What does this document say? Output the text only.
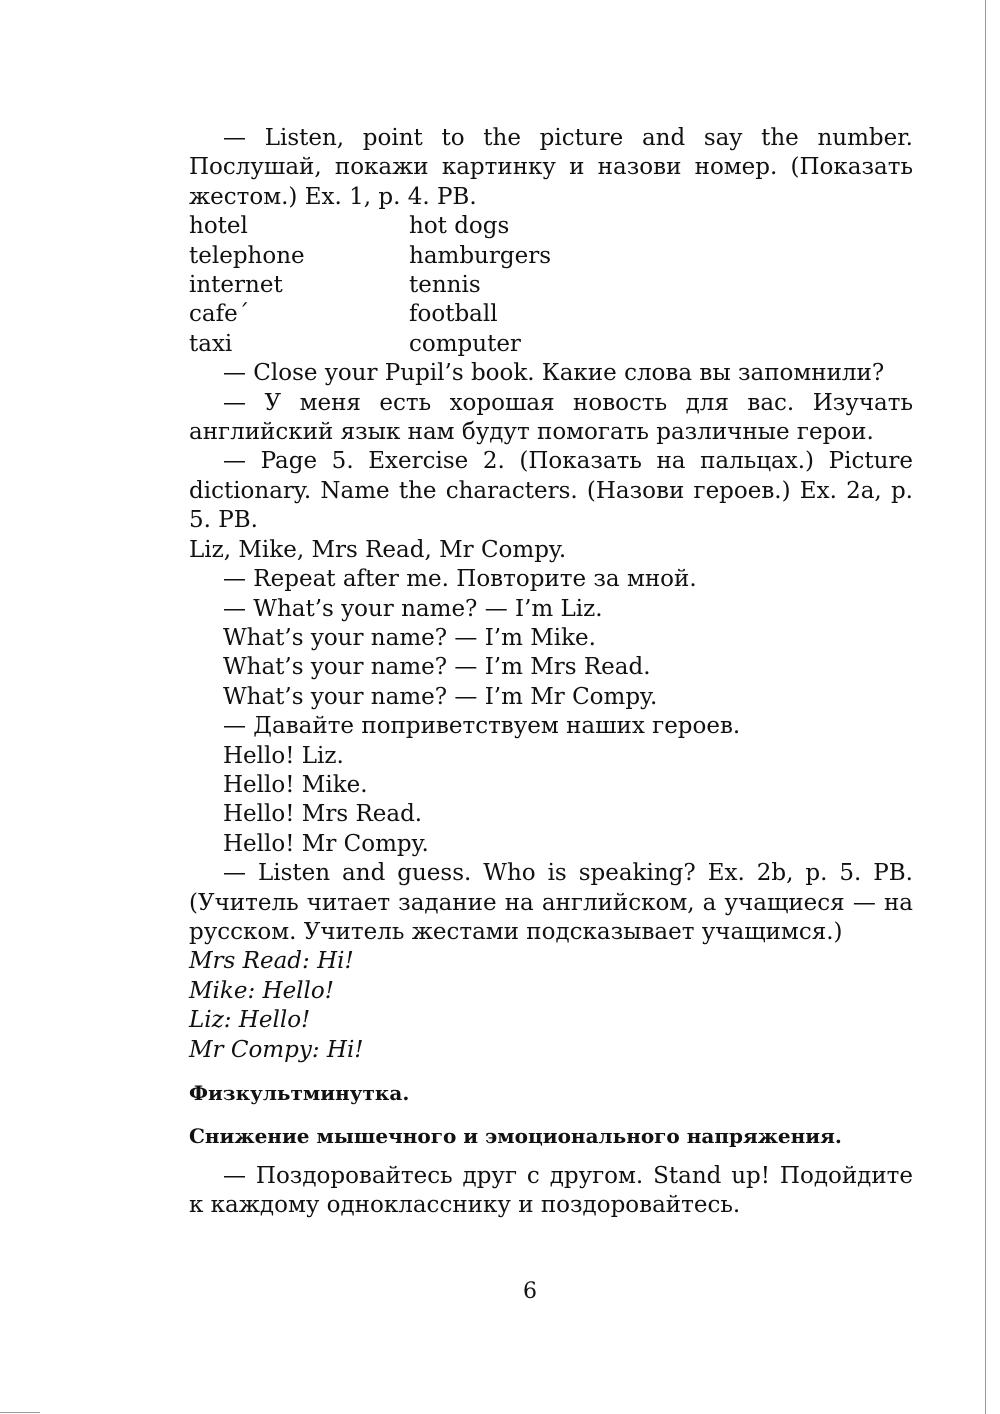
— Listen, point to the picture and say the number. Послушай, покажи картинку и назови номер. (Показать жестом.) Ex. 1, p. 4. PB.

hotel	hot dogs
telephone	hamburgers
internet	tennis
cafe´	football
taxi	computer

— Close your Pupil’s book. Какие слова вы запомнили?

— У меня есть хорошая новость для вас. Изучать английский язык нам будут помогать различные герои.

— Page 5. Exercise 2. (Показать на пальцах.) Picture dictionary. Name the characters. (Назови героев.) Ex. 2a, p. 5. PB.

Liz, Mike, Mrs Read, Mr Compy.

— Repeat after me. Повторите за мной.

— What’s your name? — I’m Liz.

What’s your name? — I’m Mike.

What’s your name? — I’m Mrs Read.

What’s your name? — I’m Mr Compy.

— Давайте поприветствуем наших героев.

Hello! Liz.

Hello! Mike.

Hello! Mrs Read.

Hello! Mr Compy.

— Listen and guess. Who is speaking? Ex. 2b, p. 5. PB. (Учитель читает задание на английском, а учащиеся — на русском. Учитель жестами подсказывает учащимся.)

Mrs Read: Hi!

Mike: Hello!

Liz: Hello!

Mr Compy: Hi!

Физкультминутка.

Снижение мышечного и эмоционального напряжения.

— Поздоровайтесь друг с другом. Stand up! Подойдите к каждому однокласснику и поздоровайтесь.

6
